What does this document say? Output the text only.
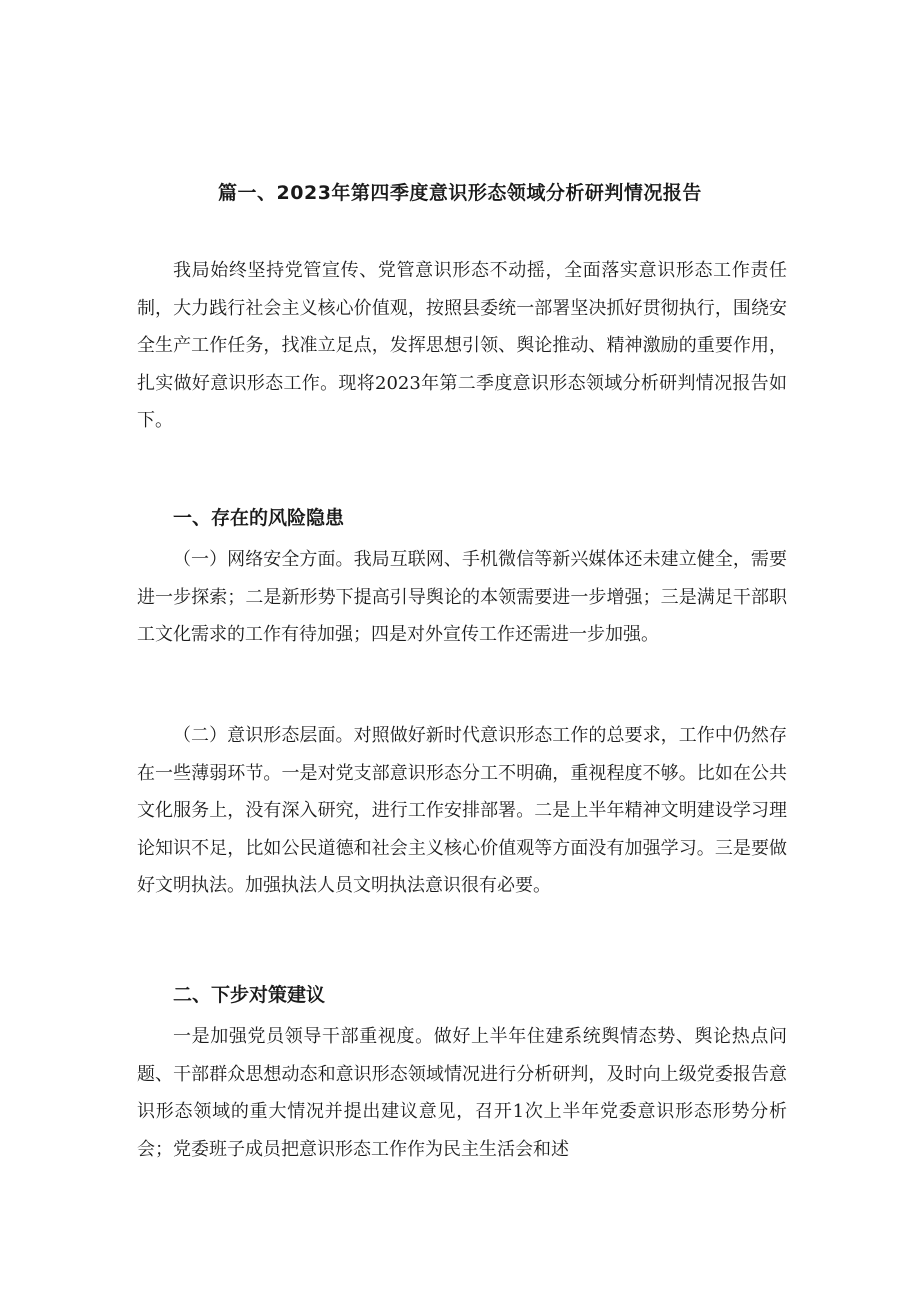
篇一、2023年第四季度意识形态领域分析研判情况报告

我局始终坚持党管宣传、党管意识形态不动摇，全面落实意识形态工作责任制，大力践行社会主义核心价值观，按照县委统一部署坚决抓好贯彻执行，围绕安全生产工作任务，找准立足点，发挥思想引领、舆论推动、精神激励的重要作用，扎实做好意识形态工作。现将2023年第二季度意识形态领域分析研判情况报告如下。

一、存在的风险隐患

（一）网络安全方面。我局互联网、手机微信等新兴媒体还未建立健全，需要进一步探索；二是新形势下提高引导舆论的本领需要进一步增强；三是满足干部职工文化需求的工作有待加强；四是对外宣传工作还需进一步加强。

（二）意识形态层面。对照做好新时代意识形态工作的总要求，工作中仍然存在一些薄弱环节。一是对党支部意识形态分工不明确，重视程度不够。比如在公共文化服务上，没有深入研究，进行工作安排部署。二是上半年精神文明建设学习理论知识不足，比如公民道德和社会主义核心价值观等方面没有加强学习。三是要做好文明执法。加强执法人员文明执法意识很有必要。

二、下步对策建议

一是加强党员领导干部重视度。做好上半年住建系统舆情态势、舆论热点问题、干部群众思想动态和意识形态领域情况进行分析研判，及时向上级党委报告意识形态领域的重大情况并提出建议意见，召开1次上半年党委意识形态形势分析会；党委班子成员把意识形态工作作为民主生活会和述
